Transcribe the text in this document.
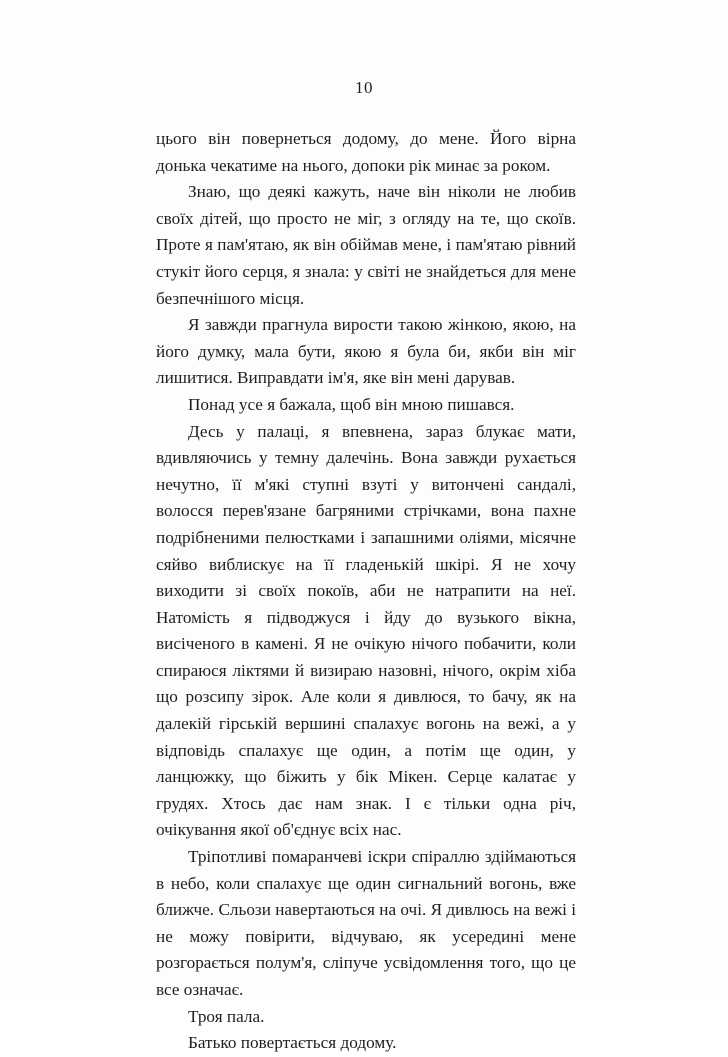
10

цього він повернеться додому, до мене. Його вірна донька чекатиме на нього, допоки рік минає за роком.

Знаю, що деякі кажуть, наче він ніколи не любив своїх дітей, що просто не міг, з огляду на те, що скоїв. Проте я пам'ятаю, як він обіймав мене, і пам'ятаю рівний стукіт його серця, я знала: у світі не знайдеться для мене безпечнішого місця.

Я завжди прагнула вирости такою жінкою, якою, на його думку, мала бути, якою я була би, якби він міг лишитися. Виправдати ім'я, яке він мені дарував.

Понад усе я бажала, щоб він мною пишався.

Десь у палаці, я впевнена, зараз блукає мати, вдивляючись у темну далечінь. Вона завжди рухається нечутно, її м'які ступні взуті у витончені сандалі, волосся перев'язане багряними стрічками, вона пахне подрібненими пелюстками і запашними оліями, місячне сяйво виблискує на її гладенькій шкірі. Я не хочу виходити зі своїх покоїв, аби не натрапити на неї. Натомість я підводжуся і йду до вузького вікна, висіченого в камені. Я не очікую нічого побачити, коли спираюся ліктями й визираю назовні, нічого, окрім хіба що розсипу зірок. Але коли я дивлюся, то бачу, як на далекій гірській вершині спалахує вогонь на вежі, а у відповідь спалахує ще один, а потім ще один, у ланцюжку, що біжить у бік Мікен. Серце калатає у грудях. Хтось дає нам знак. І є тільки одна річ, очікування якої об'єднує всіх нас.

Тріпотливі помаранчеві іскри спіраллю здіймаються в небо, коли спалахує ще один сигнальний вогонь, вже ближче. Сльози навертаються на очі. Я дивлюсь на вежі і не можу повірити, відчуваю, як усередині мене розгорається полум'я, сліпуче усвідомлення того, що це все означає.

Троя пала.

Батько повертається додому.
